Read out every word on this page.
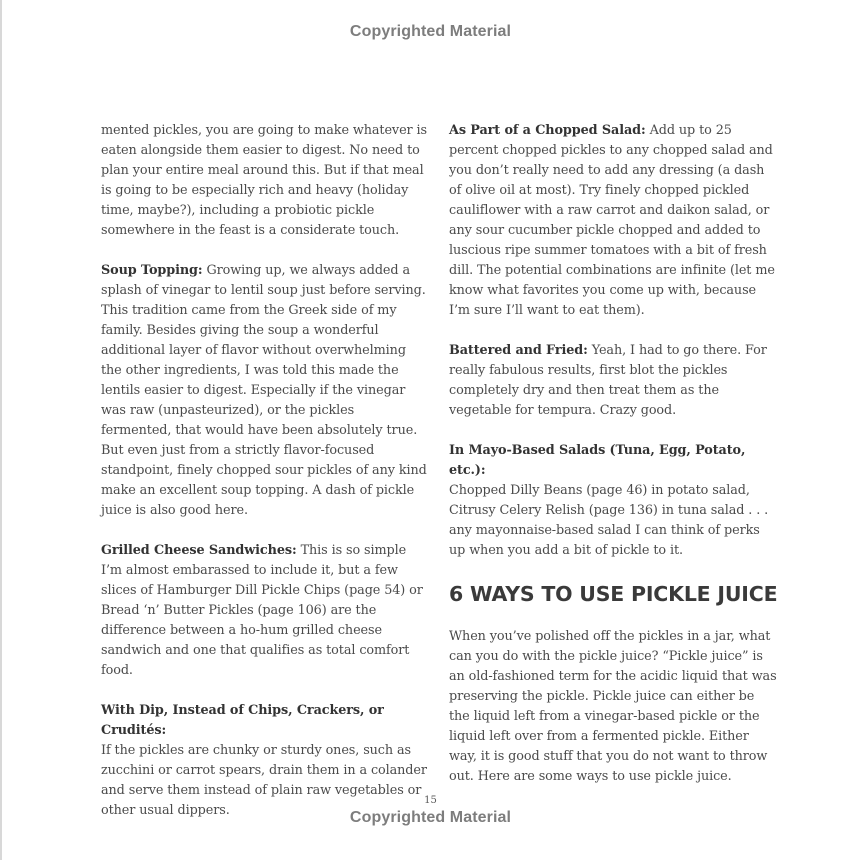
Copyrighted Material

mented pickles, you are going to make whatever is eaten alongside them easier to digest. No need to plan your entire meal around this. But if that meal is going to be especially rich and heavy (holiday time, maybe?), including a probiotic pickle somewhere in the feast is a considerate touch.

Soup Topping: Growing up, we always added a splash of vinegar to lentil soup just before serving. This tradition came from the Greek side of my family. Besides giving the soup a wonderful additional layer of flavor without overwhelming the other ingredients, I was told this made the lentils easier to digest. Especially if the vinegar was raw (unpasteurized), or the pickles fermented, that would have been absolutely true. But even just from a strictly flavor-focused standpoint, finely chopped sour pickles of any kind make an excellent soup topping. A dash of pickle juice is also good here.

Grilled Cheese Sandwiches: This is so simple I’m almost embarassed to include it, but a few slices of Hamburger Dill Pickle Chips (page 54) or Bread ‘n’ Butter Pickles (page 106) are the difference between a ho-hum grilled cheese sandwich and one that qualifies as total comfort food.

With Dip, Instead of Chips, Crackers, or Crudités:
If the pickles are chunky or sturdy ones, such as zucchini or carrot spears, drain them in a colander and serve them instead of plain raw vegetables or other usual dippers.

As Part of a Chopped Salad: Add up to 25 percent chopped pickles to any chopped salad and you don’t really need to add any dressing (a dash of olive oil at most). Try finely chopped pickled cauliflower with a raw carrot and daikon salad, or any sour cucumber pickle chopped and added to luscious ripe summer tomatoes with a bit of fresh dill. The potential combinations are infinite (let me know what favorites you come up with, because I’m sure I’ll want to eat them).

Battered and Fried: Yeah, I had to go there. For really fabulous results, first blot the pickles completely dry and then treat them as the vegetable for tempura. Crazy good.

In Mayo-Based Salads (Tuna, Egg, Potato, etc.):
Chopped Dilly Beans (page 46) in potato salad, Citrusy Celery Relish (page 136) in tuna salad . . . any mayonnaise-based salad I can think of perks up when you add a bit of pickle to it.

6 WAYS TO USE PICKLE JUICE

When you’ve polished off the pickles in a jar, what can you do with the pickle juice? “Pickle juice” is an old-fashioned term for the acidic liquid that was preserving the pickle. Pickle juice can either be the liquid left from a vinegar-based pickle or the liquid left over from a fermented pickle. Either way, it is good stuff that you do not want to throw out. Here are some ways to use pickle juice.

15
Copyrighted Material
